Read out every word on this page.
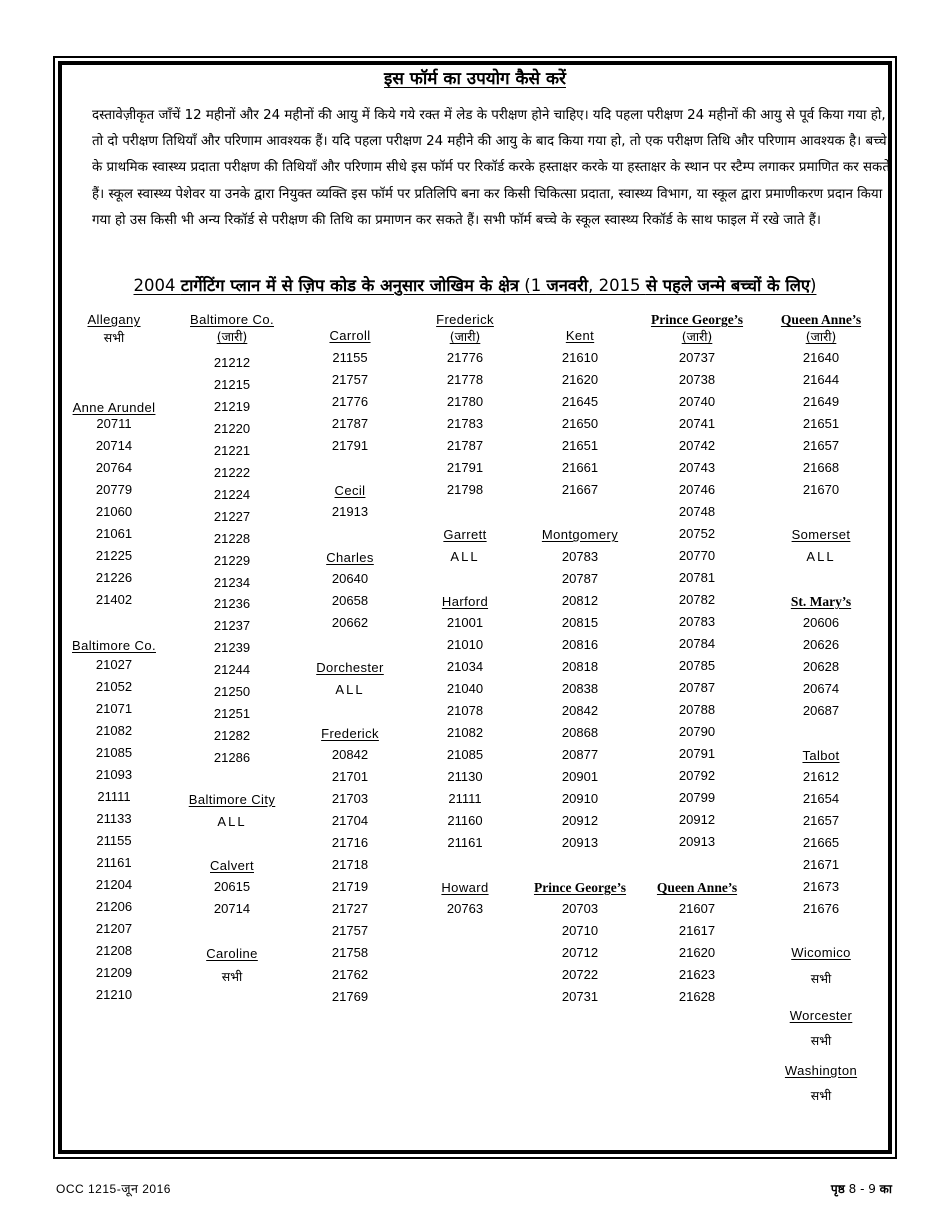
इस फॉर्म का उपयोग कैसे करें
दस्तावेज़ीकृत जाँचें 12 महीनों और 24 महीनों की आयु में किये गये रक्त में लेड के परीक्षण होने चाहिए। यदि पहला परीक्षण 24 महीनों की आयु से पूर्व किया गया हो, तो दो परीक्षण तिथियाँ और परिणाम आवश्यक हैं। यदि पहला परीक्षण 24 महीने की आयु के बाद किया गया हो, तो एक परीक्षण तिथि और परिणाम आवश्यक है। बच्चे के प्राथमिक स्वास्थ्य प्रदाता परीक्षण की तिथियाँ और परिणाम सीधे इस फॉर्म पर रिकॉर्ड करके हस्ताक्षर करके या हस्ताक्षर के स्थान पर स्टैम्प लगाकर प्रमाणित कर सकते हैं। स्कूल स्वास्थ्य पेशेवर या उनके द्वारा नियुक्त व्यक्ति इस फॉर्म पर प्रतिलिपि बना कर किसी चिकित्सा प्रदाता, स्वास्थ्य विभाग, या स्कूल द्वारा प्रमाणीकरण प्रदान किया गया हो उस किसी भी अन्य रिकॉर्ड से परीक्षण की तिथि का प्रमाणन कर सकते हैं। सभी फॉर्म बच्चे के स्कूल स्वास्थ्य रिकॉर्ड के साथ फाइल में रखे जाते हैं।
2004 टार्गेटिंग प्लान में से ज़िप कोड के अनुसार जोखिम के क्षेत्र (1 जनवरी, 2015 से पहले जन्मे बच्चों के लिए)
Allegany
सभी
Anne Arundel
20711
20714
20764
20779
21060
21061
21225
21226
21402
Baltimore Co.
21027
21052
21071
21082
21085
21093
21111
21133
21155
21161
21204
21206
21207
21208
21209
21210
Baltimore Co.
(जारी)
21212
21215
21219
21220
21221
21222
21224
21227
21228
21229
21234
21236
21237
21239
21244
21250
21251
21282
21286
Baltimore City
ALL
Calvert
20615
20714
Caroline
सभी
Carroll
21155
21757
21776
21787
21791
Cecil
21913
Charles
20640
20658
20662
Dorchester
ALL
Frederick
20842
21701
21703
21704
21716
21718
21719
21727
21757
21758
21762
21769
Frederick
(जारी)
21776
21778
21780
21783
21787
21791
21798
Garrett
ALL
Harford
21001
21010
21034
21040
21078
21082
21085
21130
21111
21160
21161
Howard
20763
Kent
21610
21620
21645
21650
21651
21661
21667
Montgomery
20783
20787
20812
20815
20816
20818
20838
20842
20868
20877
20901
20910
20912
20913
Prince George’s
20703
20710
20712
20722
20731
Prince George’s
(जारी)
20737
20738
20740
20741
20742
20743
20746
20748
20752
20770
20781
20782
20783
20784
20785
20787
20788
20790
20791
20792
20799
20912
20913
Queen Anne’s
21607
21617
21620
21623
21628
Queen Anne’s
(जारी)
21640
21644
21649
21651
21657
21668
21670
Somerset
ALL
St. Mary’s
20606
20626
20628
20674
20687
Talbot
21612
21654
21657
21665
21671
21673
21676
Wicomico
सभी
Worcester
सभी
Washington
सभी
OCC 1215-जून 2016	पृष्ठ 8 - 9 का
